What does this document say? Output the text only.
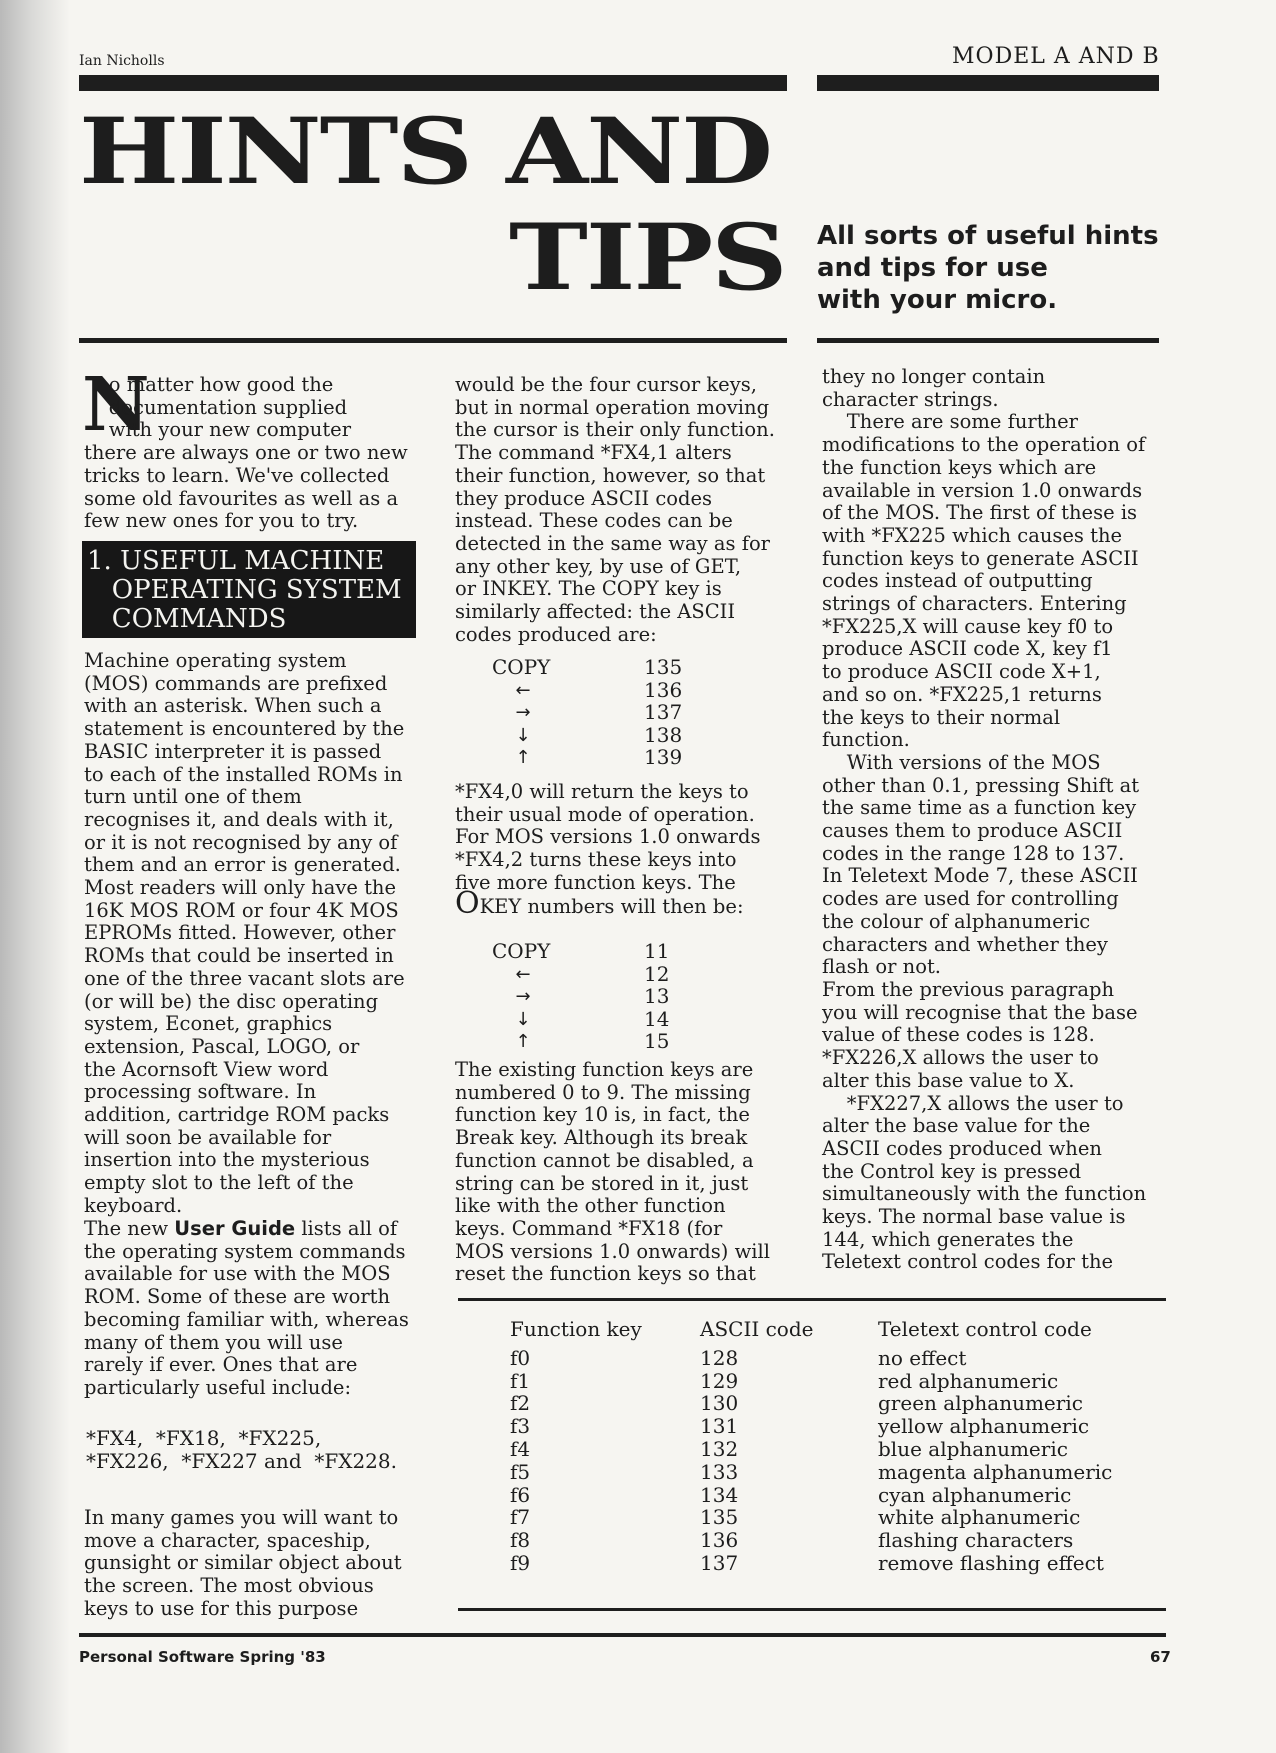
Ian Nicholls	MODEL A AND B
HINTS AND
TIPS All sorts of useful hints
and tips for use
with your micro.
N
o matter how good the
documentation supplied
with your new computer
there are always one or two new
tricks to learn. We've collected
some old favourites as well as a
few new ones for you to try.
1. USEFUL MACHINE
OPERATING SYSTEM
COMMANDS
Machine operating system
(MOS) commands are prefixed
with an asterisk. When such a
statement is encountered by the
BASIC interpreter it is passed
to each of the installed ROMs in
turn until one of them
recognises it, and deals with it,
or it is not recognised by any of
them and an error is generated.
Most readers will only have the
16K MOS ROM or four 4K MOS
EPROMs fitted. However, other
ROMs that could be inserted in
one of the three vacant slots are
(or will be) the disc operating
system, Econet, graphics
extension, Pascal, LOGO, or
the Acornsoft View word
processing software. In
addition, cartridge ROM packs
will soon be available for
insertion into the mysterious
empty slot to the left of the
keyboard.
The new User Guide lists all of
the operating system commands
available for use with the MOS
ROM. Some of these are worth
becoming familiar with, whereas
many of them you will use
rarely if ever. Ones that are
particularly useful include:
*FX4,  *FX18,  *FX225,
*FX226,  *FX227 and  *FX228.
In many games you will want to
move a character, spaceship,
gunsight or similar object about
the screen. The most obvious
keys to use for this purpose
would be the four cursor keys,
but in normal operation moving
the cursor is their only function.
The command *FX4,1 alters
their function, however, so that
they produce ASCII codes
instead. These codes can be
detected in the same way as for
any other key, by use of GET,
or INKEY. The COPY key is
similarly affected: the ASCII
codes produced are:
COPY	135
←	136
→	137
↓	138
↑	139
*FX4,0 will return the keys to
their usual mode of operation.
For MOS versions 1.0 onwards
*FX4,2 turns these keys into
five more function keys. The
OKEY numbers will then be:
COPY	11
←	12
→	13
↓	14
↑	15
The existing function keys are
numbered 0 to 9. The missing
function key 10 is, in fact, the
Break key. Although its break
function cannot be disabled, a
string can be stored in it, just
like with the other function
keys. Command *FX18 (for
MOS versions 1.0 onwards) will
reset the function keys so that
they no longer contain
character strings.
There are some further
modifications to the operation of
the function keys which are
available in version 1.0 onwards
of the MOS. The first of these is
with *FX225 which causes the
function keys to generate ASCII
codes instead of outputting
strings of characters. Entering
*FX225,X will cause key f0 to
produce ASCII code X, key f1
to produce ASCII code X+1,
and so on. *FX225,1 returns
the keys to their normal
function.
With versions of the MOS
other than 0.1, pressing Shift at
the same time as a function key
causes them to produce ASCII
codes in the range 128 to 137.
In Teletext Mode 7, these ASCII
codes are used for controlling
the colour of alphanumeric
characters and whether they
flash or not.
From the previous paragraph
you will recognise that the base
value of these codes is 128.
*FX226,X allows the user to
alter this base value to X.
*FX227,X allows the user to
alter the base value for the
ASCII codes produced when
the Control key is pressed
simultaneously with the function
keys. The normal base value is
144, which generates the
Teletext control codes for the
Function key	ASCII code	Teletext control code
f0	128	no effect
f1	129	red alphanumeric
f2	130	green alphanumeric
f3	131	yellow alphanumeric
f4	132	blue alphanumeric
f5	133	magenta alphanumeric
f6	134	cyan alphanumeric
f7	135	white alphanumeric
f8	136	flashing characters
f9	137	remove flashing effect
Personal Software Spring '83	67
